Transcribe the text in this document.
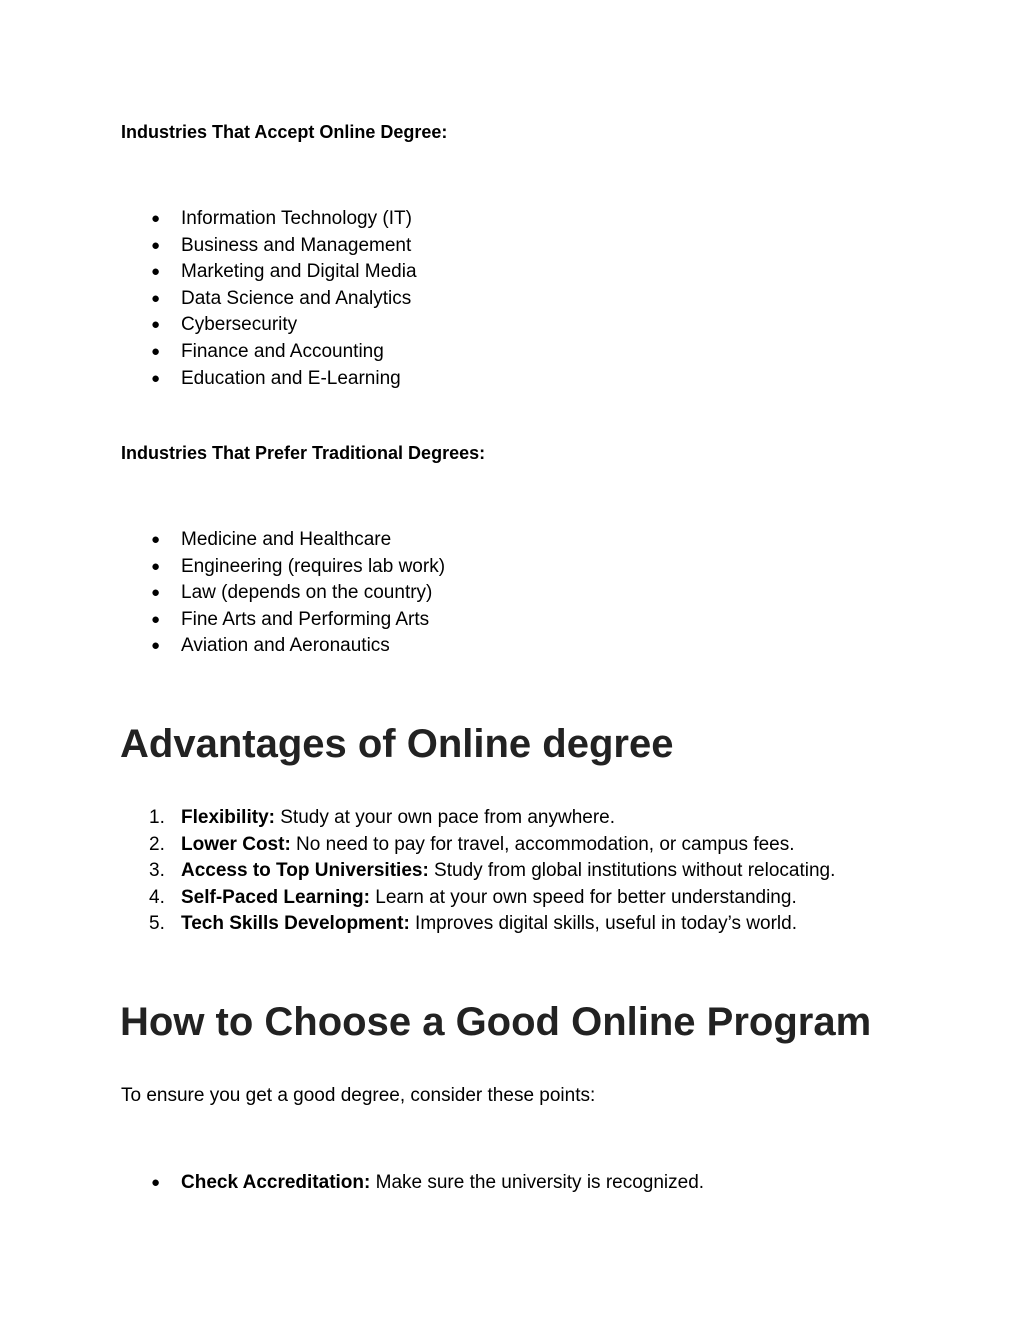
Industries That Accept Online Degree:

●	Information Technology (IT)
●	Business and Management
●	Marketing and Digital Media
●	Data Science and Analytics
●	Cybersecurity
●	Finance and Accounting
●	Education and E-Learning

Industries That Prefer Traditional Degrees:

●	Medicine and Healthcare
●	Engineering (requires lab work)
●	Law (depends on the country)
●	Fine Arts and Performing Arts
●	Aviation and Aeronautics
Advantages of Online degree
1. Flexibility: Study at your own pace from anywhere.
2. Lower Cost: No need to pay for travel, accommodation, or campus fees.
3. Access to Top Universities: Study from global institutions without relocating.
4. Self-Paced Learning: Learn at your own speed for better understanding.
5. Tech Skills Development: Improves digital skills, useful in today’s world.
How to Choose a Good Online Program

To ensure you get a good degree, consider these points:

●	Check Accreditation: Make sure the university is recognized.
